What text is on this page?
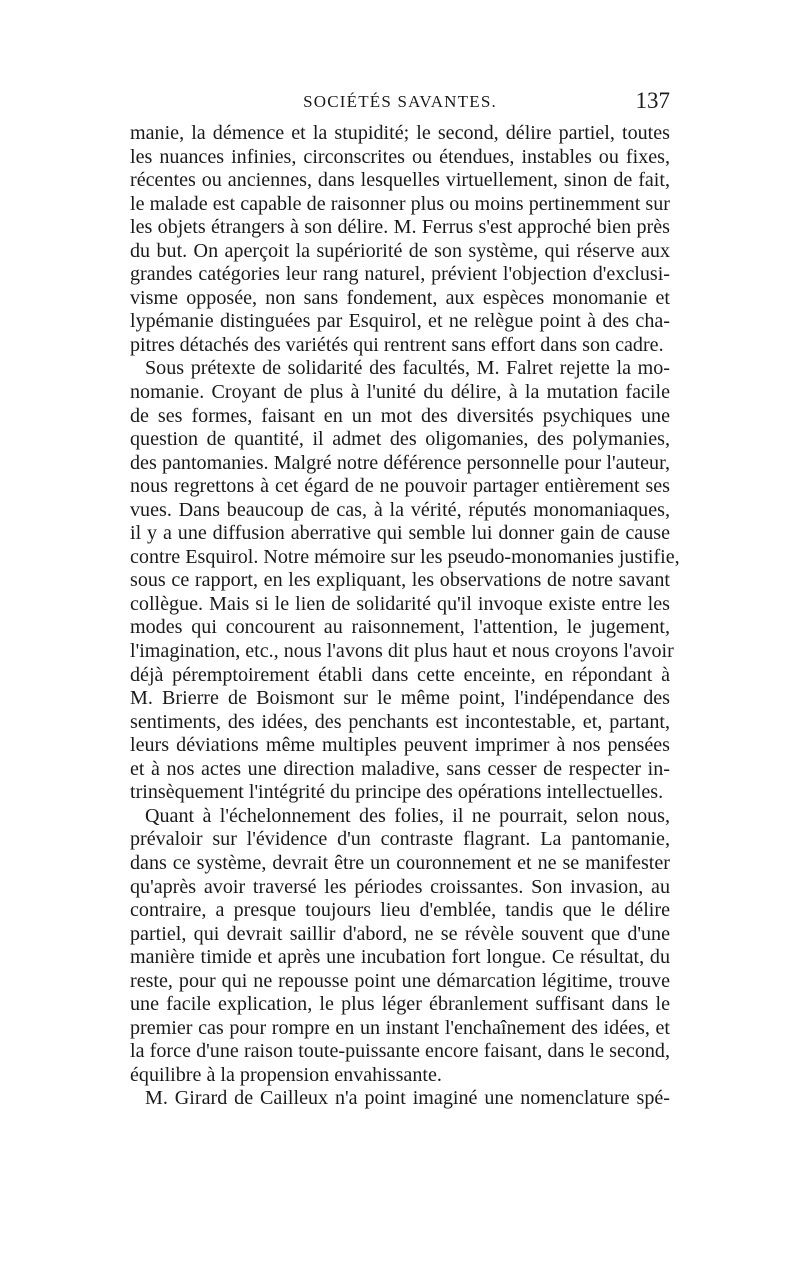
SOCIÉTÉS SAVANTES.	137
manie, la démence et la stupidité; le second, délire partiel, toutes
les nuances infinies, circonscrites ou étendues, instables ou fixes,
récentes ou anciennes, dans lesquelles virtuellement, sinon de fait,
le malade est capable de raisonner plus ou moins pertinemment sur
les objets étrangers à son délire. M. Ferrus s'est approché bien près
du but. On aperçoit la supériorité de son système, qui réserve aux
grandes catégories leur rang naturel, prévient l'objection d'exclusi-
visme opposée, non sans fondement, aux espèces monomanie et
lypémanie distinguées par Esquirol, et ne relègue point à des cha-
pitres détachés des variétés qui rentrent sans effort dans son cadre.
Sous prétexte de solidarité des facultés, M. Falret rejette la mo-
nomanie. Croyant de plus à l'unité du délire, à la mutation facile
de ses formes, faisant en un mot des diversités psychiques une
question de quantité, il admet des oligomanies, des polymanies,
des pantomanies. Malgré notre déférence personnelle pour l'auteur,
nous regrettons à cet égard de ne pouvoir partager entièrement ses
vues. Dans beaucoup de cas, à la vérité, réputés monomaniaques,
il y a une diffusion aberrative qui semble lui donner gain de cause
contre Esquirol. Notre mémoire sur les pseudo-monomanies justifie,
sous ce rapport, en les expliquant, les observations de notre savant
collègue. Mais si le lien de solidarité qu'il invoque existe entre les
modes qui concourent au raisonnement, l'attention, le jugement,
l'imagination, etc., nous l'avons dit plus haut et nous croyons l'avoir
déjà péremptoirement établi dans cette enceinte, en répondant à
M. Brierre de Boismont sur le même point, l'indépendance des
sentiments, des idées, des penchants est incontestable, et, partant,
leurs déviations même multiples peuvent imprimer à nos pensées
et à nos actes une direction maladive, sans cesser de respecter in-
trinsèquement l'intégrité du principe des opérations intellectuelles.
Quant à l'échelonnement des folies, il ne pourrait, selon nous,
prévaloir sur l'évidence d'un contraste flagrant. La pantomanie,
dans ce système, devrait être un couronnement et ne se manifester
qu'après avoir traversé les périodes croissantes. Son invasion, au
contraire, a presque toujours lieu d'emblée, tandis que le délire
partiel, qui devrait saillir d'abord, ne se révèle souvent que d'une
manière timide et après une incubation fort longue. Ce résultat, du
reste, pour qui ne repousse point une démarcation légitime, trouve
une facile explication, le plus léger ébranlement suffisant dans le
premier cas pour rompre en un instant l'enchaînement des idées, et
la force d'une raison toute-puissante encore faisant, dans le second,
équilibre à la propension envahissante.
M. Girard de Cailleux n'a point imaginé une nomenclature spé-
